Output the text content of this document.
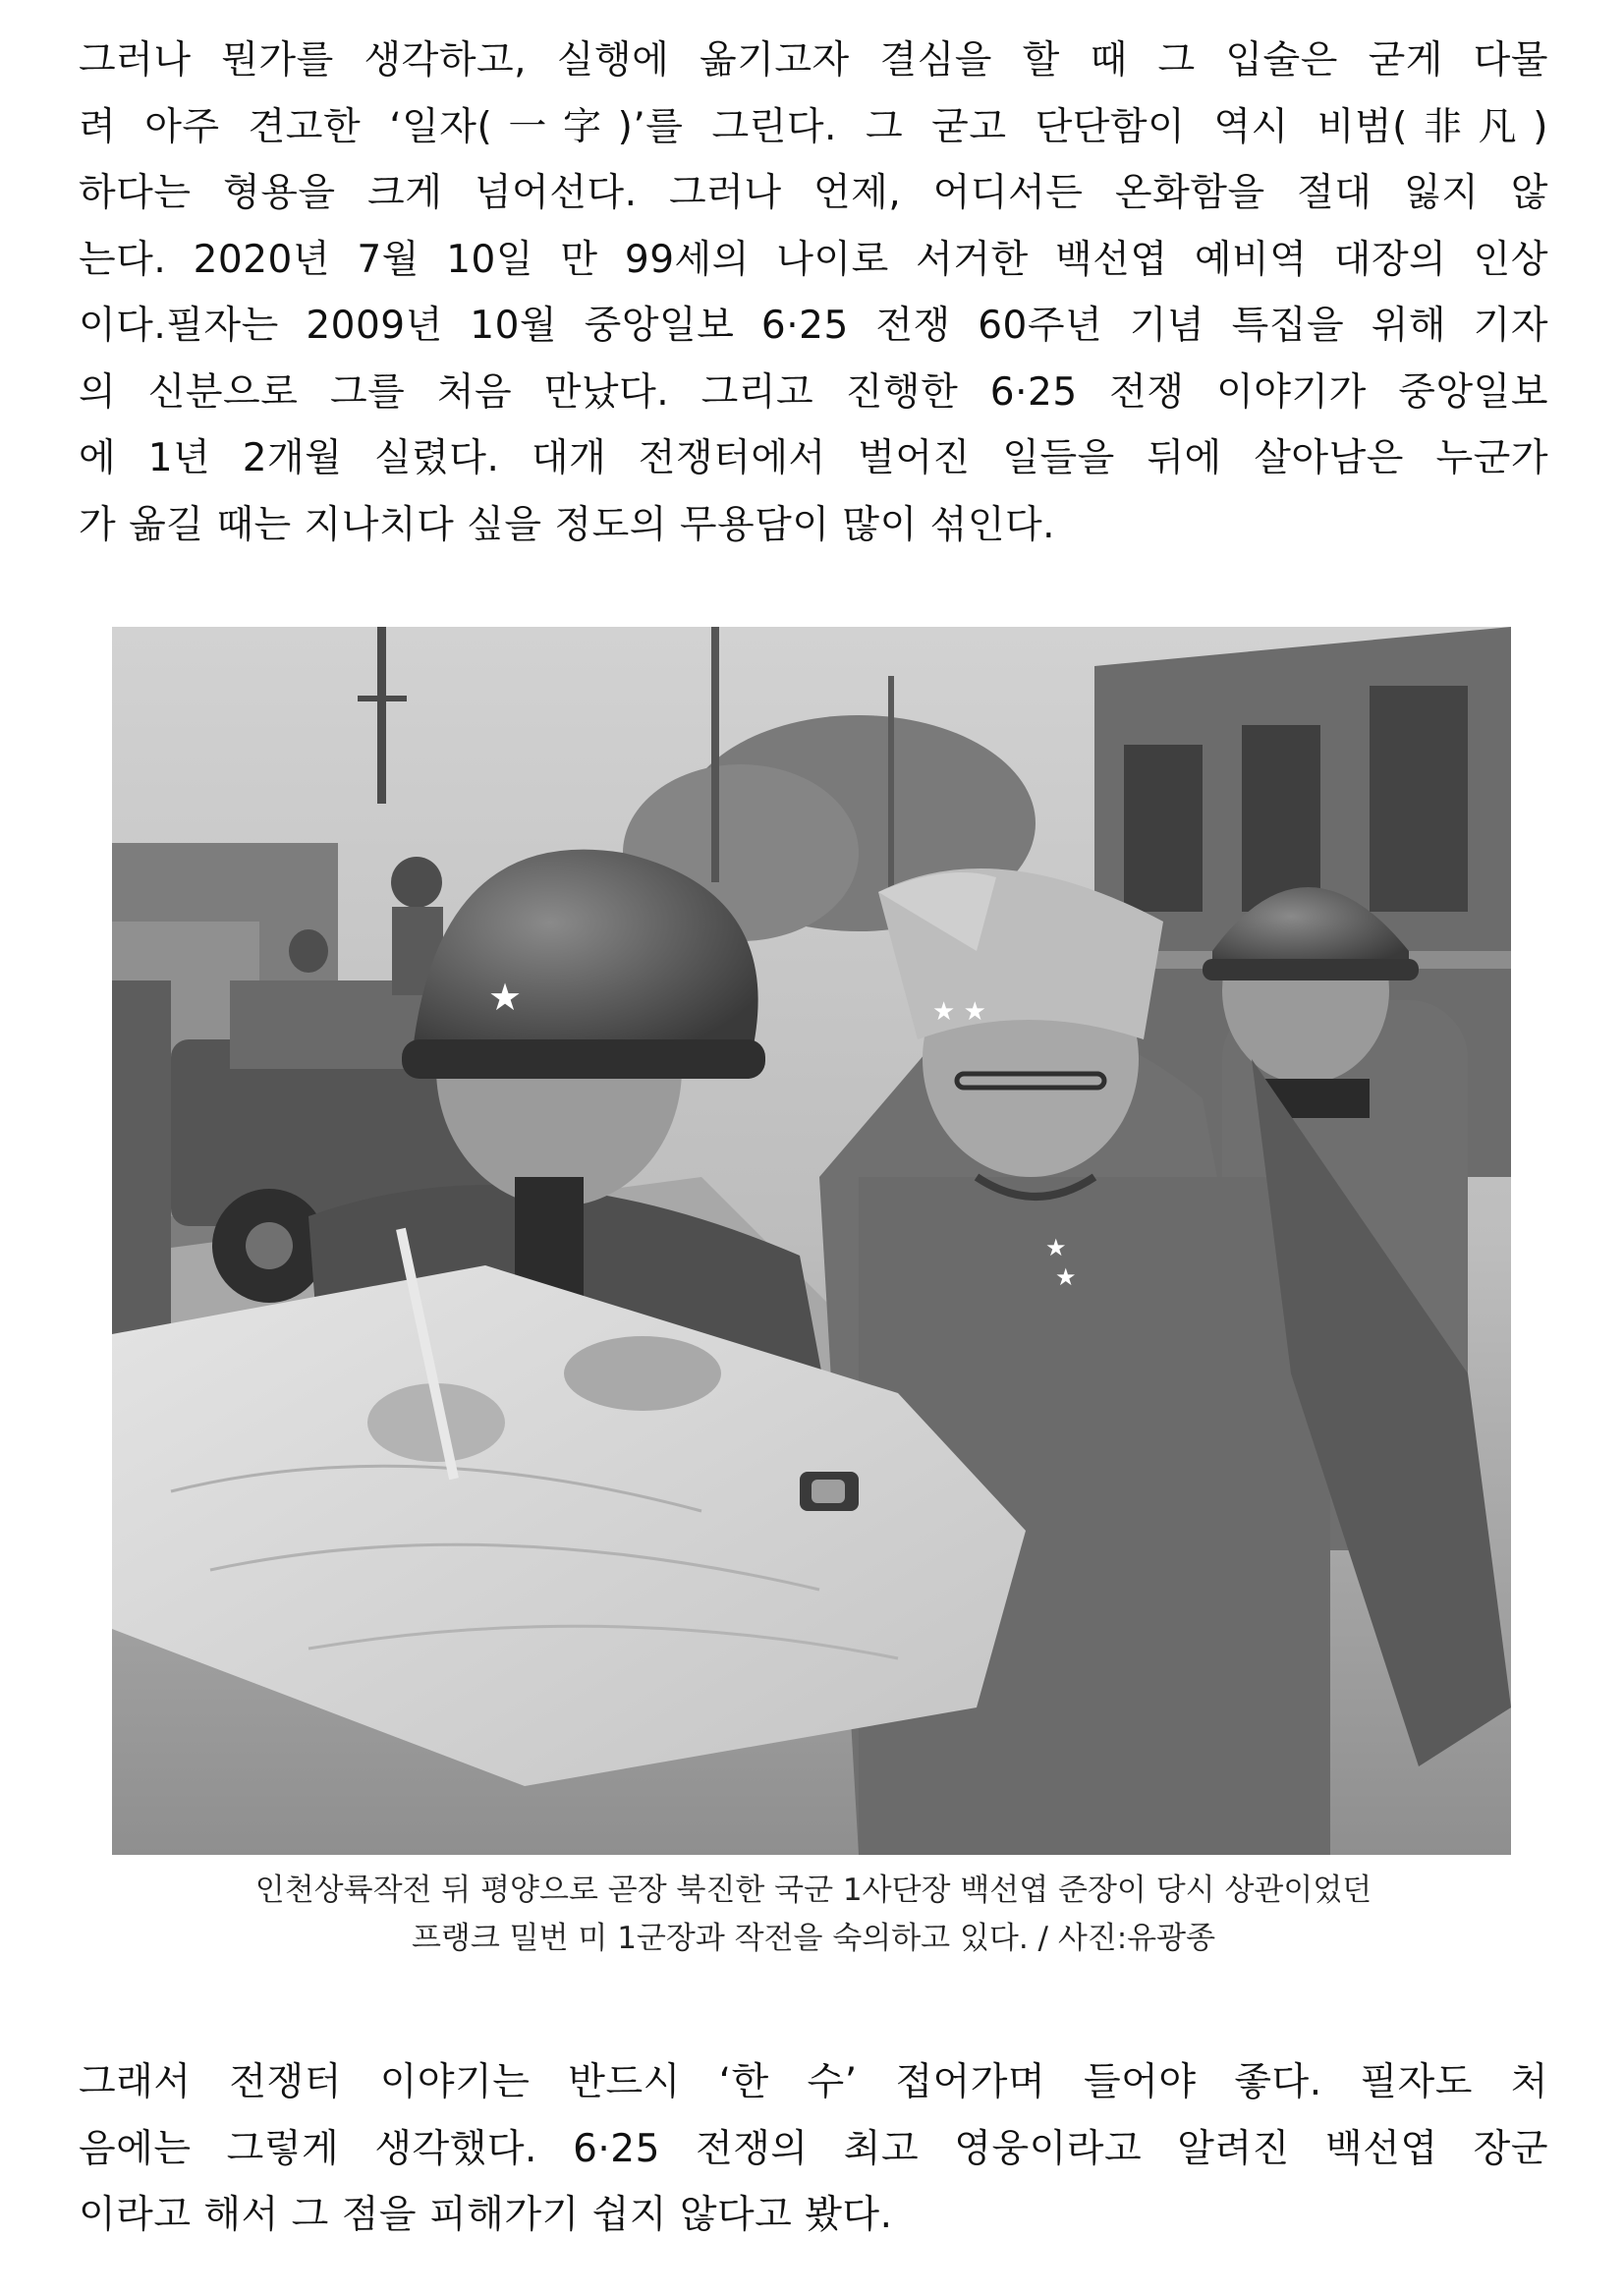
그러나 뭔가를 생각하고, 실행에 옮기고자 결심을 할 때 그 입술은 굳게 다물
려 아주 견고한 ‘일자(一字)’를 그린다. 그 굳고 단단함이 역시 비범(非凡)
하다는 형용을 크게 넘어선다. 그러나 언제, 어디서든 온화함을 절대 잃지 않
는다. 2020년 7월 10일 만 99세의 나이로 서거한 백선엽 예비역 대장의 인상
이다.필자는 2009년 10월 중앙일보 6·25 전쟁 60주년 기념 특집을 위해 기자
의 신분으로 그를 처음 만났다. 그리고 진행한 6·25 전쟁 이야기가 중앙일보
에 1년 2개월 실렸다. 대개 전쟁터에서 벌어진 일들을 뒤에 살아남은 누군가
가 옮길 때는 지나치다 싶을 정도의 무용담이 많이 섞인다.
★ ★
★
★
★
인천상륙작전 뒤 평양으로 곧장 북진한 국군 1사단장 백선엽 준장이 당시 상관이었던
프랭크 밀번 미 1군장과 작전을 숙의하고 있다. / 사진:유광종
그래서 전쟁터 이야기는 반드시 ‘한 수’ 접어가며 들어야 좋다. 필자도 처
음에는 그렇게 생각했다. 6·25 전쟁의 최고 영웅이라고 알려진 백선엽 장군
이라고 해서 그 점을 피해가기 쉽지 않다고 봤다.
